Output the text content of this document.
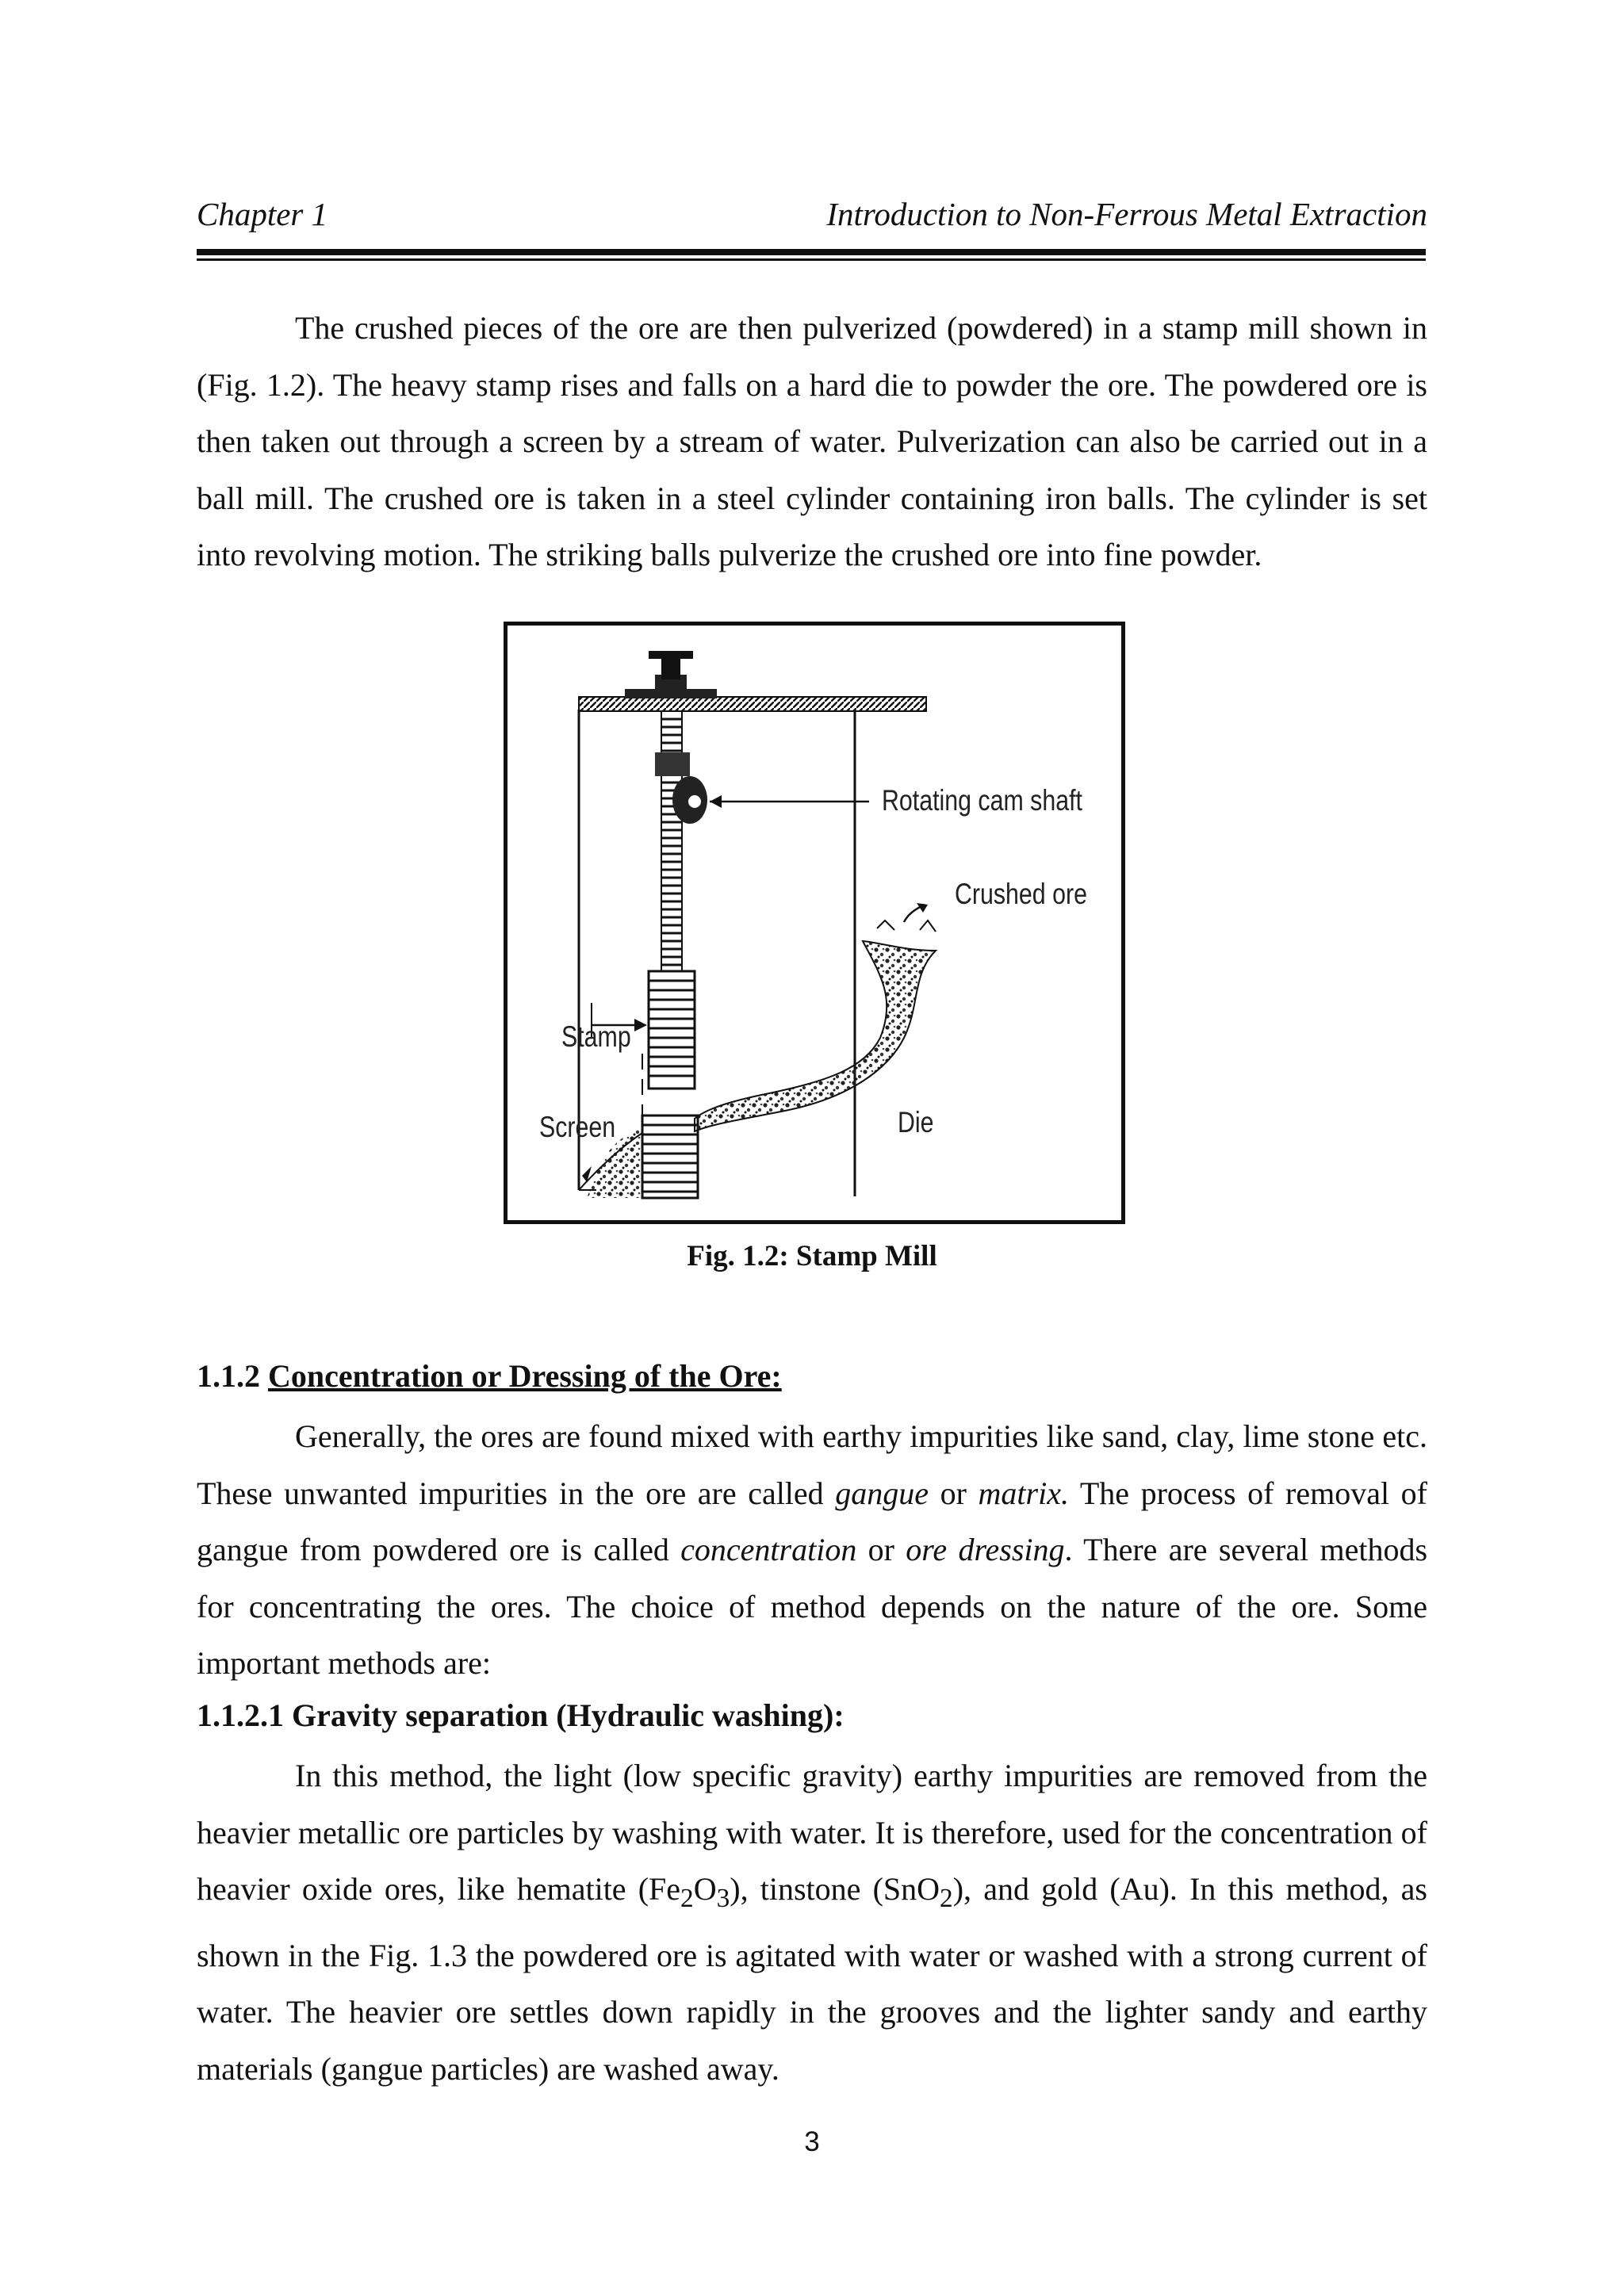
Chapter 1	Introduction to Non-Ferrous Metal Extraction

The crushed pieces of the ore are then pulverized (powdered) in a stamp mill shown in (Fig. 1.2). The heavy stamp rises and falls on a hard die to powder the ore. The powdered ore is then taken out through a screen by a stream of water. Pulverization can also be carried out in a ball mill. The crushed ore is taken in a steel cylinder containing iron balls. The cylinder is set into revolving motion. The striking balls pulverize the crushed ore into fine powder.

Rotating cam shaft
Crushed ore
Stamp
Screen	Die
Fig. 1.2: Stamp Mill
1.1.2 Concentration or Dressing of the Ore:

Generally, the ores are found mixed with earthy impurities like sand, clay, lime stone etc. These unwanted impurities in the ore are called gangue or matrix. The process of removal of gangue from powdered ore is called concentration or ore dressing. There are several methods for concentrating the ores. The choice of method depends on the nature of the ore. Some important methods are:

1.1.2.1 Gravity separation (Hydraulic washing):

In this method, the light (low specific gravity) earthy impurities are removed from the heavier metallic ore particles by washing with water. It is therefore, used for the concentration of heavier oxide ores, like hematite $(Fe_2O_3)$, tinstone (SnO$_2$), and gold (Au). In this method, as shown in the Fig. 1.3 the powdered ore is agitated with water or washed with a strong current of water. The heavier ore settles down rapidly in the grooves and the lighter sandy and earthy materials (gangue particles) are washed away.

3
